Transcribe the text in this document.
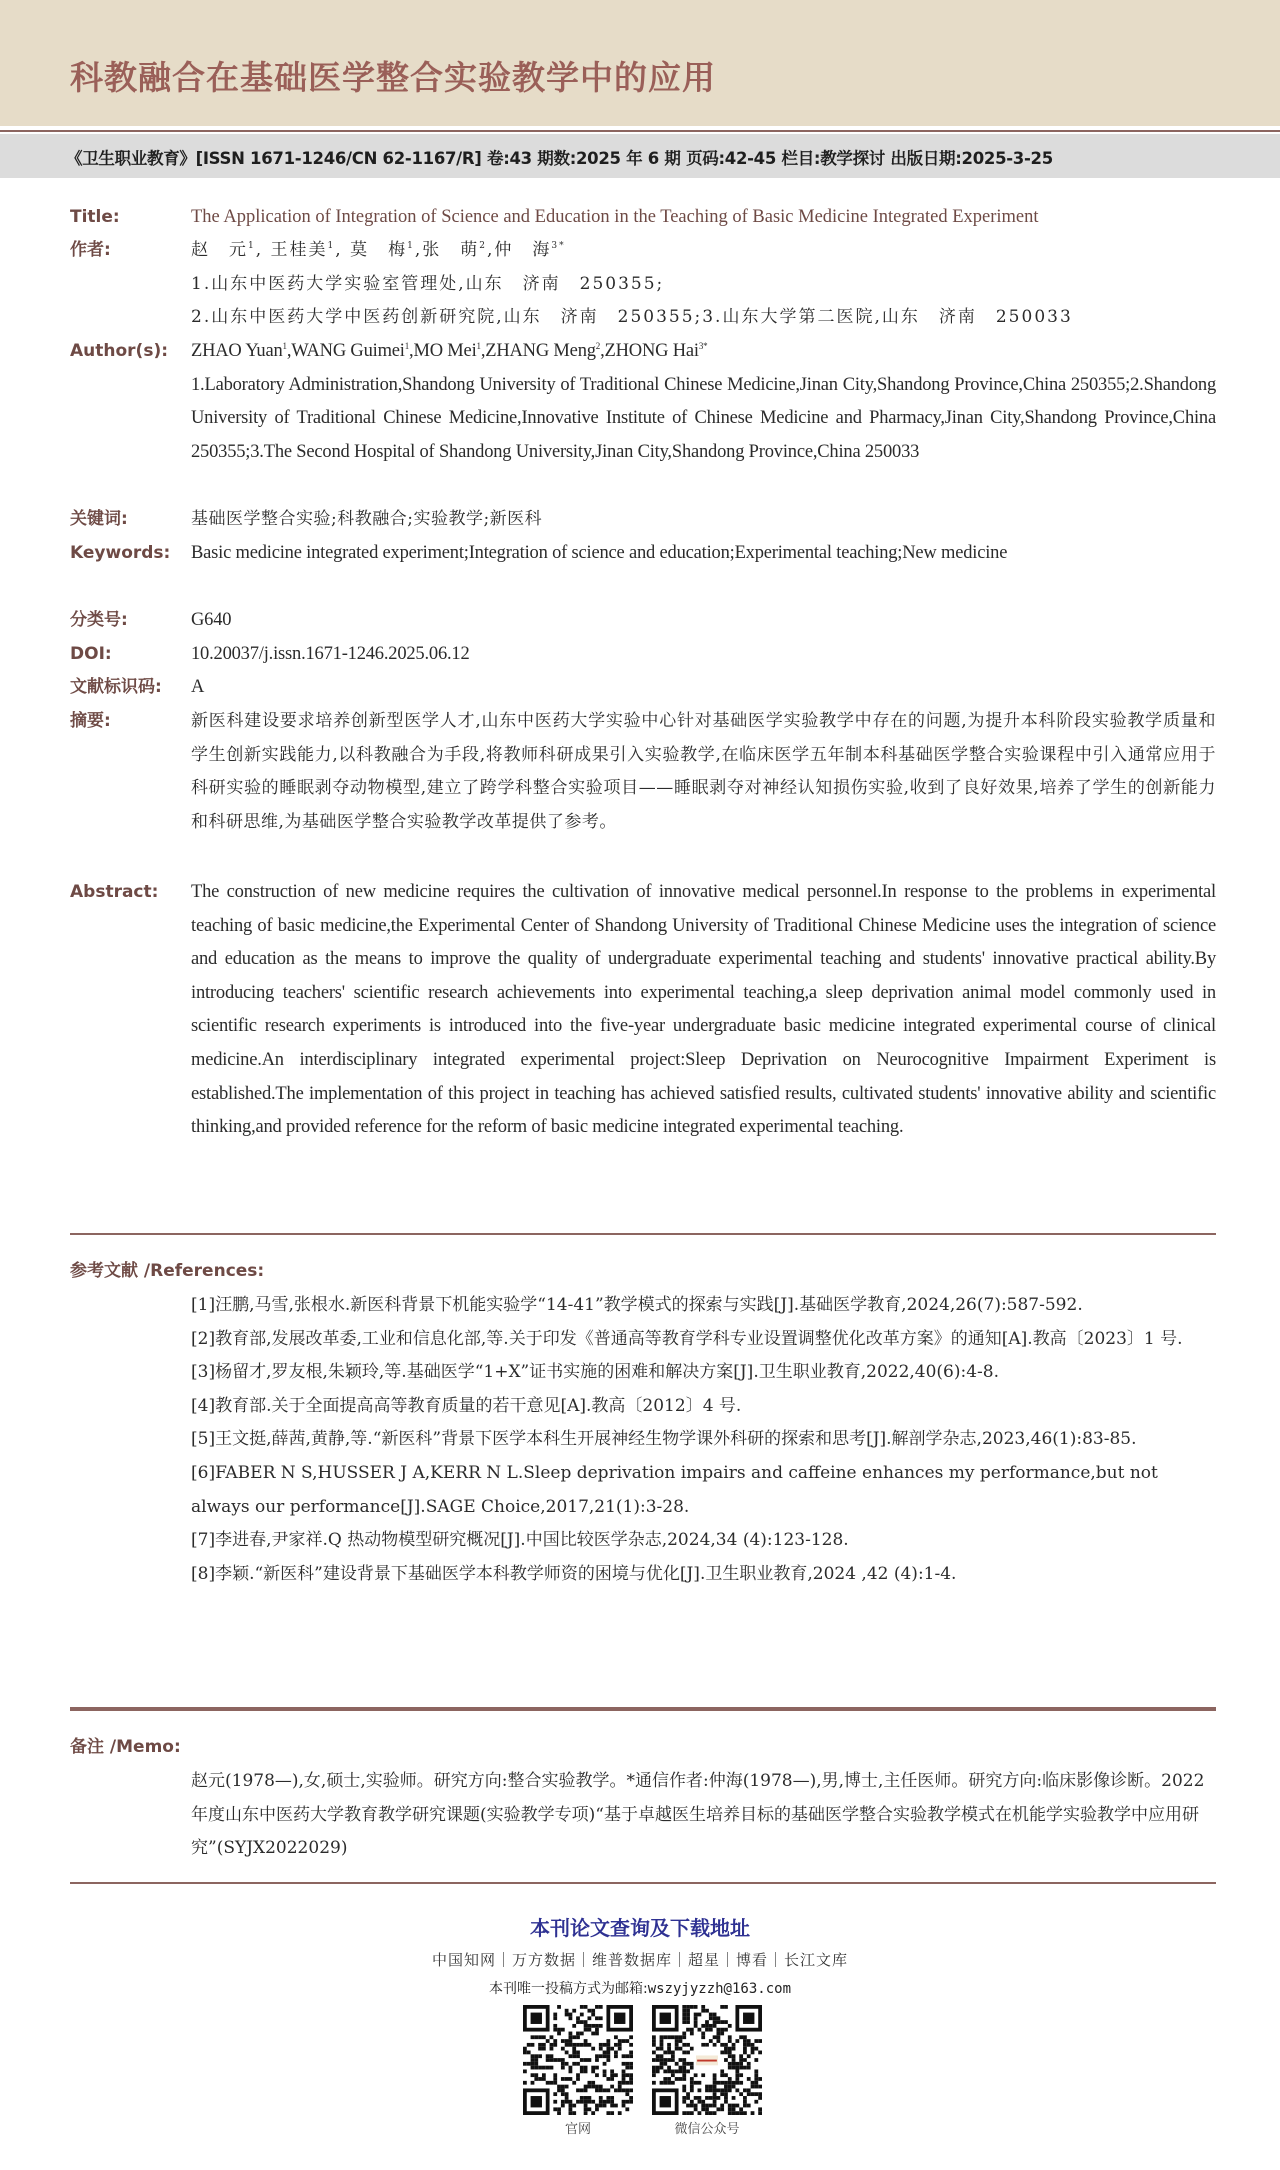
科教融合在基础医学整合实验教学中的应用
《卫生职业教育》[ISSN 1671-1246/CN 62-1167/R] 卷:43 期数:2025 年 6 期 页码:42-45 栏目:教学探讨 出版日期:2025-3-25
Title:	The Application of Integration of Science and Education in the Teaching of Basic Medicine Integrated Experiment
作者:	赵　元$^1$, 王桂美$^1$, 莫　梅$^1$,张　萌$^2$,仲　海$^{3*}$
1.山东中医药大学实验室管理处,山东　济南　250355;
2.山东中医药大学中医药创新研究院,山东　济南　250355;3.山东大学第二医院,山东　济南　250033
Author(s): ZHAO Yuan$^1$,WANG Guimei$^1$,MO Mei$^1$,ZHANG Meng$^2$,ZHONG Hai$^{3*}$
1.Laboratory Administration,Shandong University of Traditional Chinese Medicine,Jinan City,Shandong Province,China 250355;2.Shandong University of Traditional Chinese Medicine,Innovative Institute of Chinese Medicine and Pharmacy,Jinan City,Shandong Province,China 250355;3.The Second Hospital of Shandong University,Jinan City,Shandong Province,China 250033
关键词:	基础医学整合实验;科教融合;实验教学;新医科
Keywords: Basic medicine integrated experiment;Integration of science and education;Experimental teaching;New medicine
分类号:	G640
DOI:	10.20037/j.issn.1671-1246.2025.06.12
文献标识码: A
摘要:	新医科建设要求培养创新型医学人才,山东中医药大学实验中心针对基础医学实验教学中存在的问题,为提升本科阶段实验教学质量和学生创新实践能力,以科教融合为手段,将教师科研成果引入实验教学,在临床医学五年制本科基础医学整合实验课程中引入通常应用于科研实验的睡眠剥夺动物模型,建立了跨学科整合实验项目——睡眠剥夺对神经认知损伤实验,收到了良好效果,培养了学生的创新能力和科研思维,为基础医学整合实验教学改革提供了参考。
Abstract: The construction of new medicine requires the cultivation of innovative medical personnel.In response to the problems in experimental teaching of basic medicine,the Experimental Center of Shandong University of Traditional Chinese Medicine uses the integration of science and education as the means to improve the quality of undergraduate experimental teaching and students' innovative practical ability.By introducing teachers' scientific research achievements into experimental teaching,a sleep deprivation animal model commonly used in scientific research experiments is introduced into the five-year undergraduate basic medicine integrated experimental course of clinical medicine.An interdisciplinary integrated experimental project:Sleep Deprivation on Neurocognitive Impairment Experiment is established.The implementation of this project in teaching has achieved satisfied results, cultivated students' innovative ability and scientific thinking,and provided reference for the reform of basic medicine integrated experimental teaching.
参考文献 /References:
[1]汪鹏,马雪,张根水.新医科背景下机能实验学“14-41”教学模式的探索与实践[J].基础医学教育,2024,26(7):587-592.
[2]教育部,发展改革委,工业和信息化部,等.关于印发《普通高等教育学科专业设置调整优化改革方案》的通知[A].教高〔2023〕1 号.
[3]杨留才,罗友根,朱颖玲,等.基础医学“1+X”证书实施的困难和解决方案[J].卫生职业教育,2022,40(6):4-8.
[4]教育部.关于全面提高高等教育质量的若干意见[A].教高〔2012〕4 号.
[5]王文挺,薛茜,黄静,等.“新医科”背景下医学本科生开展神经生物学课外科研的探索和思考[J].解剖学杂志,2023,46(1):83-85.
[6]FABER N S,HUSSER J A,KERR N L.Sleep deprivation impairs and caffeine enhances my performance,but not always our performance[J].SAGE Choice,2017,21(1):3-28.
[7]李进春,尹家祥.Q 热动物模型研究概况[J].中国比较医学杂志,2024,34 (4):123-128.
[8]李颖.“新医科”建设背景下基础医学本科教学师资的困境与优化[J].卫生职业教育,2024 ,42 (4):1-4.
备注 /Memo:
赵元(1978—),女,硕士,实验师。研究方向:整合实验教学。*通信作者:仲海(1978—),男,博士,主任医师。研究方向:临床影像诊断。2022 年度山东中医药大学教育教学研究课题(实验教学专项)“基于卓越医生培养目标的基础医学整合实验教学模式在机能学实验教学中应用研究”(SYJX2022029)
本刊论文查询及下载地址
中国知网｜万方数据｜维普数据库｜超星｜博看｜长江文库
本刊唯一投稿方式为邮箱:wszyjyzzh@163.com
官网	微信公众号
